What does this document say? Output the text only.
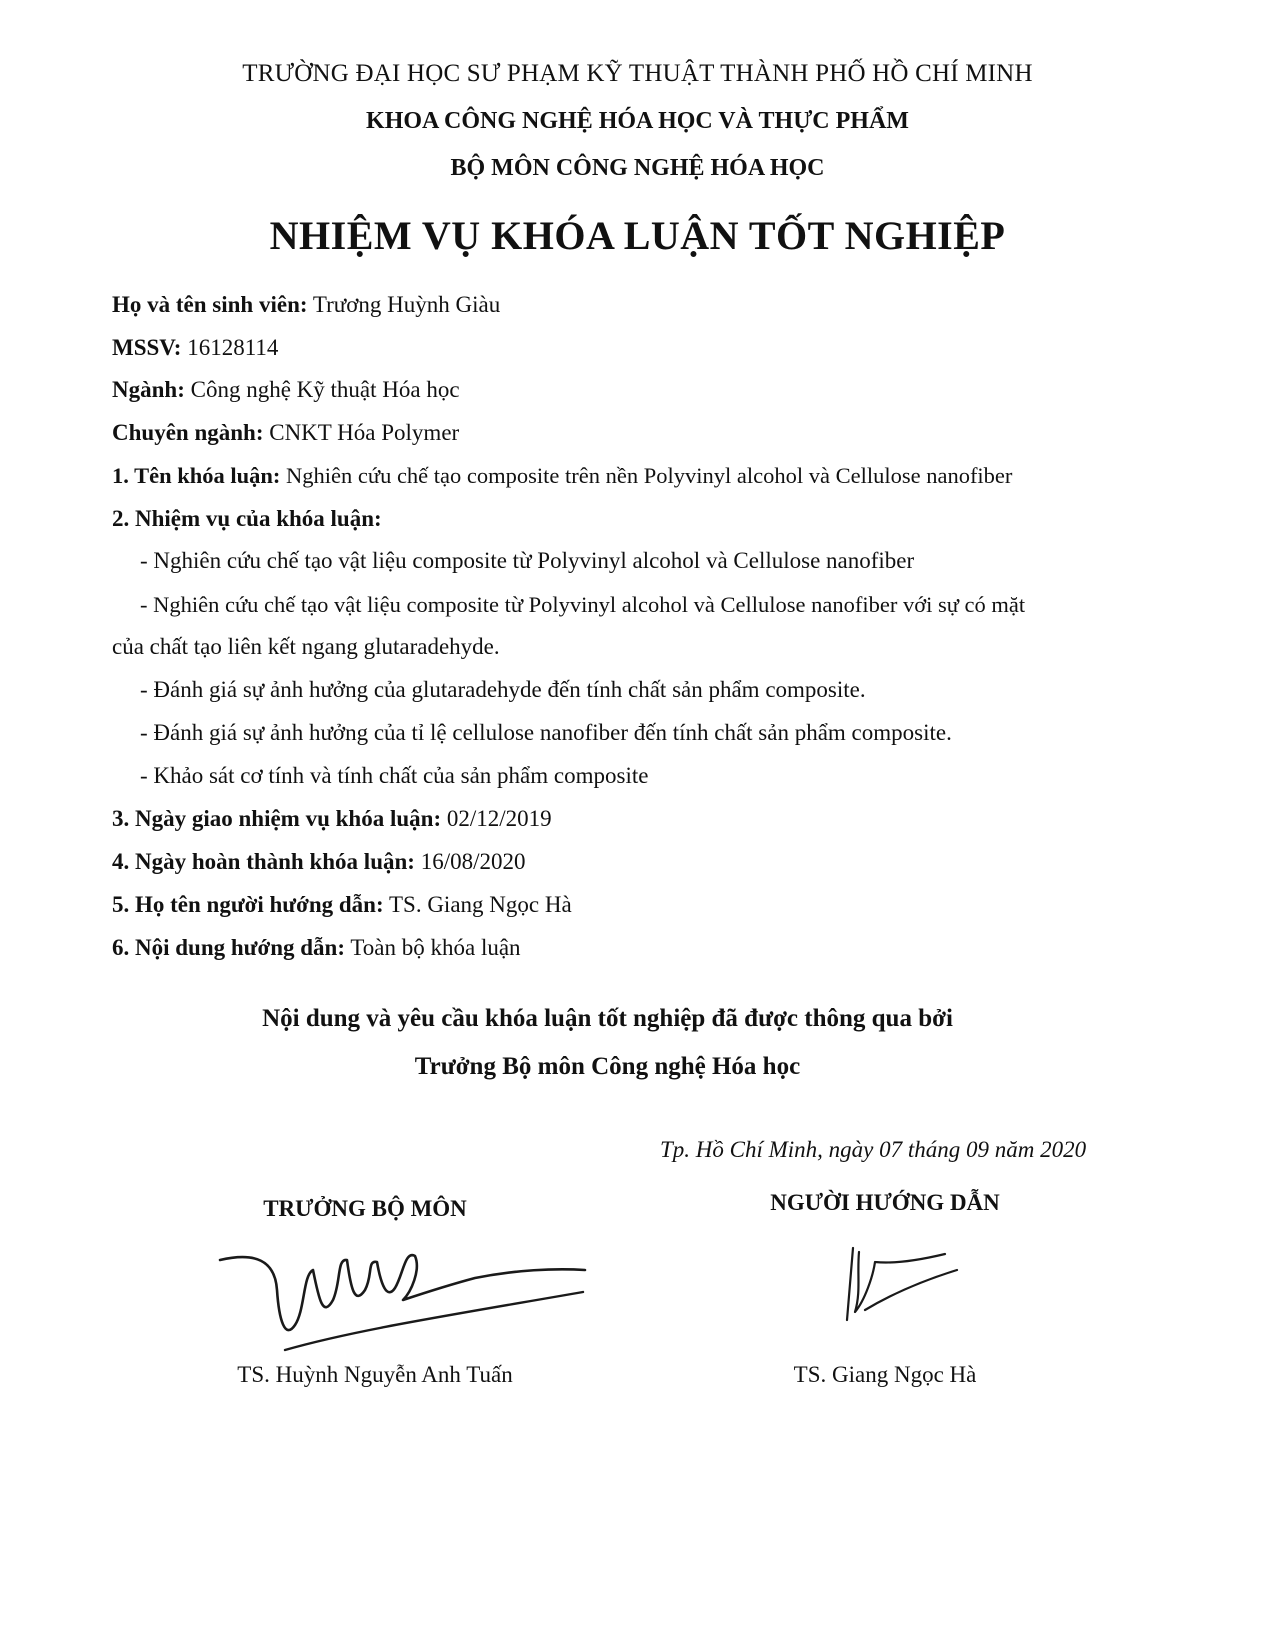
TRƯỜNG ĐẠI HỌC SƯ PHẠM KỸ THUẬT THÀNH PHỐ HỒ CHÍ MINH
KHOA CÔNG NGHỆ HÓA HỌC VÀ THỰC PHẨM
BỘ MÔN CÔNG NGHỆ HÓA HỌC
NHIỆM VỤ KHÓA LUẬN TỐT NGHIỆP
Họ và tên sinh viên: Trương Huỳnh Giàu
MSSV: 16128114
Ngành: Công nghệ Kỹ thuật Hóa học
Chuyên ngành: CNKT Hóa Polymer
1. Tên khóa luận: Nghiên cứu chế tạo composite trên nền Polyvinyl alcohol và Cellulose nanofiber
2. Nhiệm vụ của khóa luận:
- Nghiên cứu chế tạo vật liệu composite từ Polyvinyl alcohol và Cellulose nanofiber
- Nghiên cứu chế tạo vật liệu composite từ Polyvinyl alcohol và Cellulose nanofiber với sự có mặt
của chất tạo liên kết ngang glutaradehyde.
- Đánh giá sự ảnh hưởng của glutaradehyde đến tính chất sản phẩm composite.
- Đánh giá sự ảnh hưởng của tỉ lệ cellulose nanofiber đến tính chất sản phẩm composite.
- Khảo sát cơ tính và tính chất của sản phẩm composite
3. Ngày giao nhiệm vụ khóa luận: 02/12/2019
4. Ngày hoàn thành khóa luận: 16/08/2020
5. Họ tên người hướng dẫn: TS. Giang Ngọc Hà
6. Nội dung hướng dẫn: Toàn bộ khóa luận
Nội dung và yêu cầu khóa luận tốt nghiệp đã được thông qua bởi
Trưởng Bộ môn Công nghệ Hóa học
Tp. Hồ Chí Minh, ngày 07 tháng 09 năm 2020
TRƯỞNG BỘ MÔN	NGƯỜI HƯỚNG DẪN
TS. Huỳnh Nguyễn Anh Tuấn	TS. Giang Ngọc Hà
